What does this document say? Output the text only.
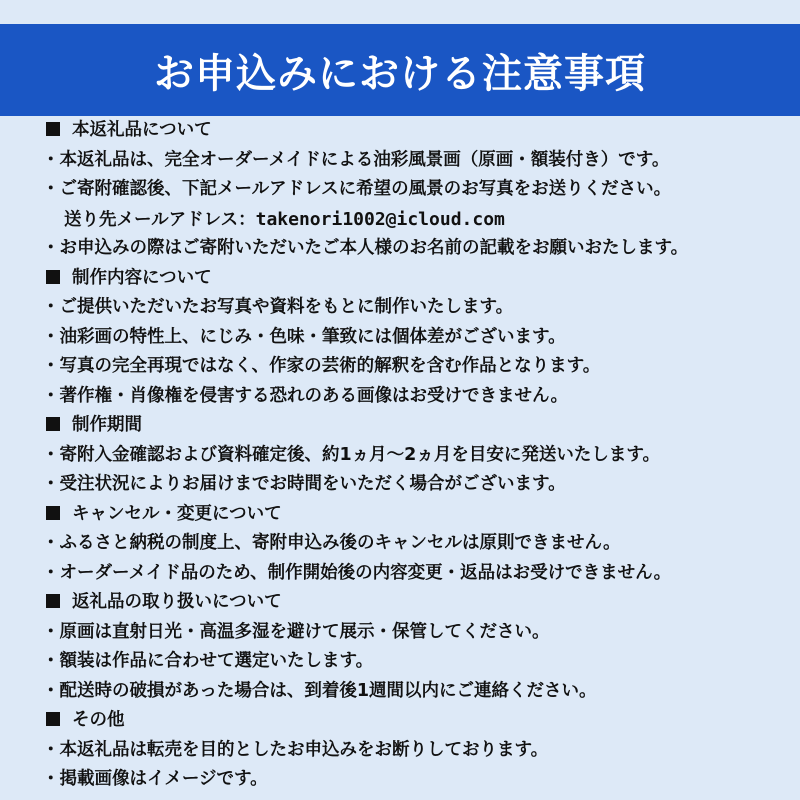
お申込みにおける注意事項
本返礼品について
・本返礼品は、完全オーダーメイドによる油彩風景画（原画・額装付き）です。
・ご寄附確認後、下記メールアドレスに希望の風景のお写真をお送りください。
送り先メールアドレス：takenori1002@icloud.com
・お申込みの際はご寄附いただいたご本人様のお名前の記載をお願いおたします。
制作内容について
・ご提供いただいたお写真や資料をもとに制作いたします。
・油彩画の特性上、にじみ・色味・筆致には個体差がございます。
・写真の完全再現ではなく、作家の芸術的解釈を含む作品となります。
・著作権・肖像権を侵害する恐れのある画像はお受けできません。
制作期間
・寄附入金確認および資料確定後、約1ヵ月〜2ヵ月を目安に発送いたします。
・受注状況によりお届けまでお時間をいただく場合がございます。
キャンセル・変更について
・ふるさと納税の制度上、寄附申込み後のキャンセルは原則できません。
・オーダーメイド品のため、制作開始後の内容変更・返品はお受けできません。
返礼品の取り扱いについて
・原画は直射日光・高温多湿を避けて展示・保管してください。
・額装は作品に合わせて選定いたします。
・配送時の破損があった場合は、到着後1週間以内にご連絡ください。
その他
・本返礼品は転売を目的としたお申込みをお断りしております。
・掲載画像はイメージです。
